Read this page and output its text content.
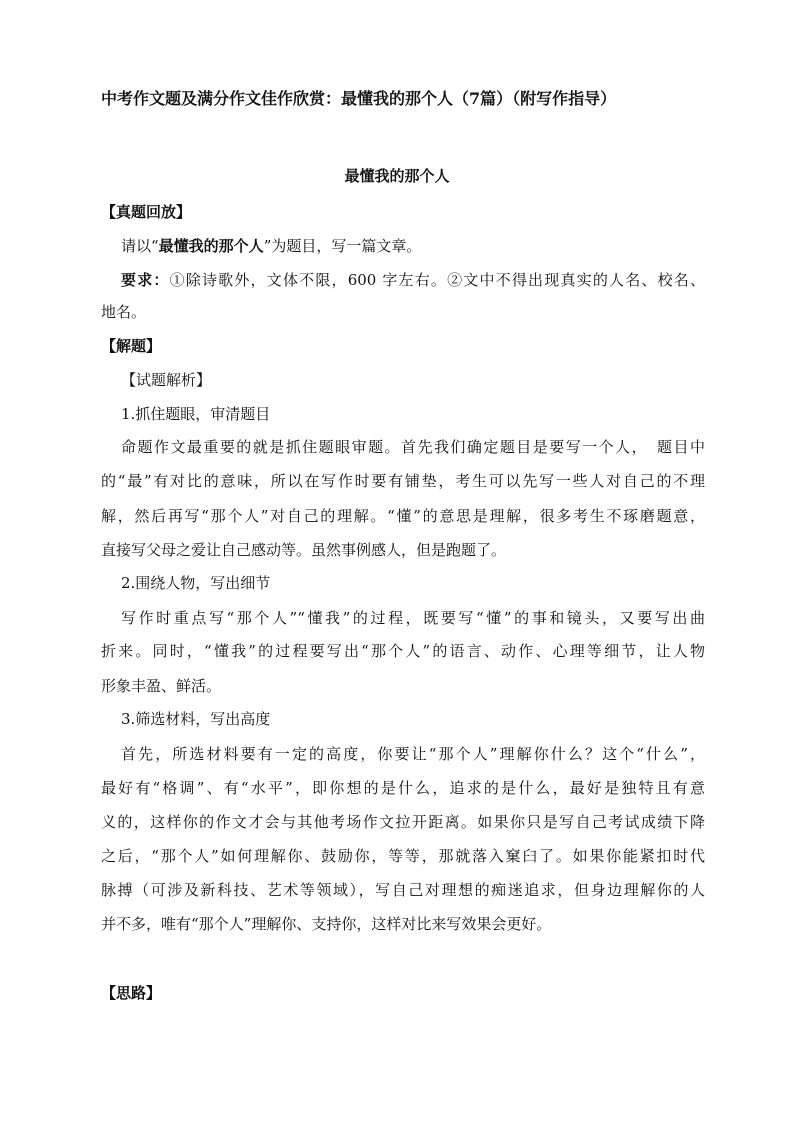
中考作文题及满分作文佳作欣赏：最懂我的那个人（7篇）（附写作指导）
最懂我的那个人
【真题回放】
请以“最懂我的那个人”为题目，写一篇文章。
要求：①除诗歌外，文体不限，600 字左右。②文中不得出现真实的人名、校名、
地名。
【解题】
【试题解析】
1.抓住题眼，审清题目
命题作文最重要的就是抓住题眼审题。首先我们确定题目是要写一个人，　题目中
的“最”有对比的意味，所以在写作时要有铺垫，考生可以先写一些人对自己的不理
解，然后再写“那个人”对自己的理解。“懂”的意思是理解，很多考生不琢磨题意，
直接写父母之爱让自己感动等。虽然事例感人，但是跑题了。
2.围绕人物，写出细节
写作时重点写“那个人”“懂我”的过程，既要写“懂”的事和镜头，又要写出曲
折来。同时，“懂我”的过程要写出“那个人”的语言、动作、心理等细节，让人物
形象丰盈、鲜活。
3.筛选材料，写出高度
首先，所选材料要有一定的高度，你要让“那个人”理解你什么？这个“什么”，
最好有“格调”、有“水平”，即你想的是什么，追求的是什么，最好是独特且有意
义的，这样你的作文才会与其他考场作文拉开距离。如果你只是写自己考试成绩下降
之后，“那个人”如何理解你、鼓励你，等等，那就落入窠臼了。如果你能紧扣时代
脉搏（可涉及新科技、艺术等领域），写自己对理想的痴迷追求，但身边理解你的人
并不多，唯有“那个人”理解你、支持你，这样对比来写效果会更好。
【思路】
